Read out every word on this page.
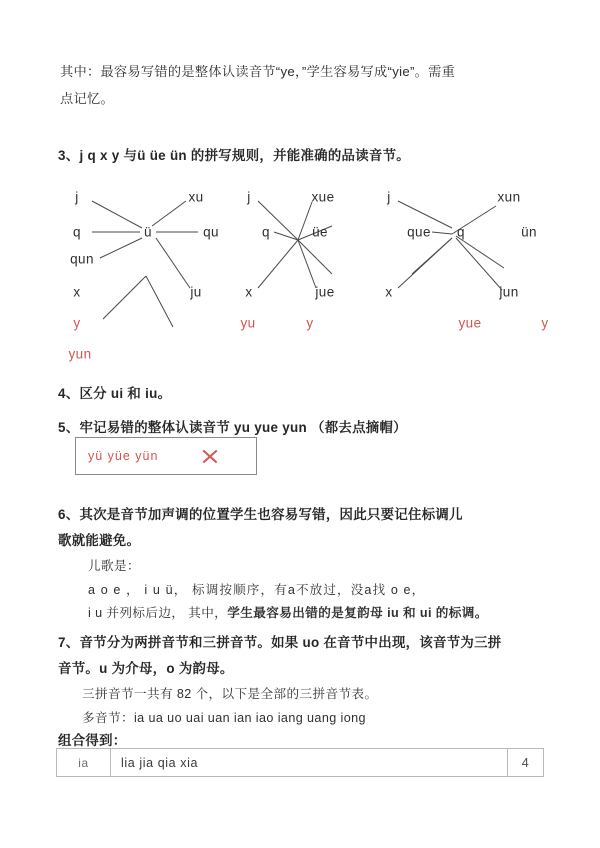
其中：最容易写错的是整体认读音节“ye，”学生容易写成“yie”。需重
点记忆。
3、j q x y 与ü üe ün 的拼写规则，并能准确的品读音节。
j
q
qun
x
y
yun
ü
xu
qu
ju
j
q
x
üe
xue
jue
yu	y
j
que
x
q
xun
ün
jun
yue	y
4、区分 ui 和 iu。
5、牢记易错的整体认读音节 yu yue yun （都去点摘帽）
yü yüe yün
6、其次是音节加声调的位置学生也容易写错，因此只要记住标调儿
歌就能避免。
儿歌是：
a o e ， i u ü， 标调按顺序，有a不放过，没a找 o e，
i u 并列标后边， 其中，学生最容易出错的是复韵母 iu 和 ui 的标调。
7、音节分为两拼音节和三拼音节。如果 uo 在音节中出现，该音节为三拼
音节。u 为介母，o 为韵母。
三拼音节一共有 82 个，以下是全部的三拼音节表。
多音节：ia ua uo uai uan ian iao iang uang iong
组合得到：
ia	lia jia qia xia	4
